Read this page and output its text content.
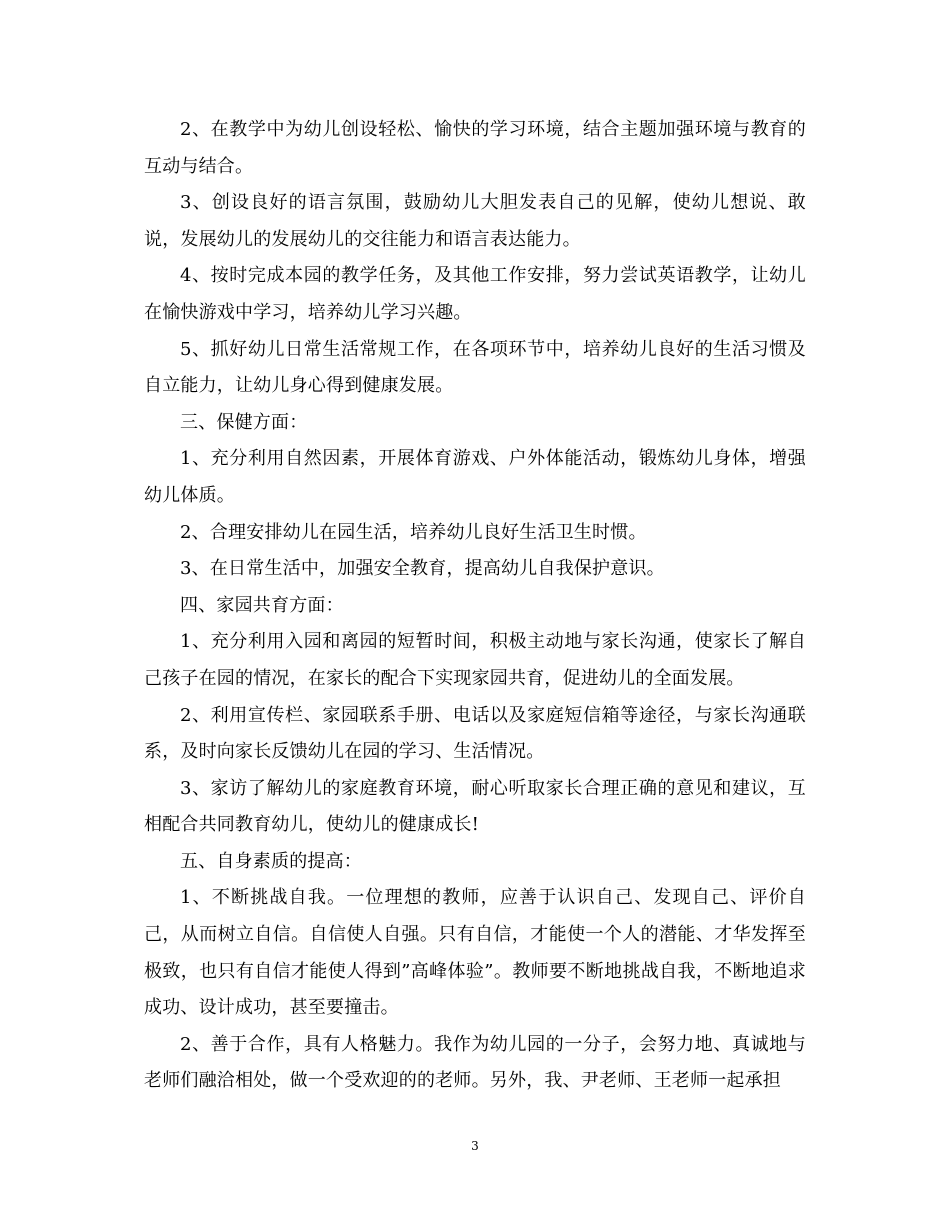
2、在教学中为幼儿创设轻松、愉快的学习环境，结合主题加强环境与教育的互动与结合。

3、创设良好的语言氛围，鼓励幼儿大胆发表自己的见解，使幼儿想说、敢说，发展幼儿的发展幼儿的交往能力和语言表达能力。

4、按时完成本园的教学任务，及其他工作安排，努力尝试英语教学，让幼儿在愉快游戏中学习，培养幼儿学习兴趣。

5、抓好幼儿日常生活常规工作，在各项环节中，培养幼儿良好的生活习惯及自立能力，让幼儿身心得到健康发展。

三、保健方面：

1、充分利用自然因素，开展体育游戏、户外体能活动，锻炼幼儿身体，增强幼儿体质。

2、合理安排幼儿在园生活，培养幼儿良好生活卫生时惯。

3、在日常生活中，加强安全教育，提高幼儿自我保护意识。

四、家园共育方面：

1、充分利用入园和离园的短暂时间，积极主动地与家长沟通，使家长了解自己孩子在园的情况，在家长的配合下实现家园共育，促进幼儿的全面发展。

2、利用宣传栏、家园联系手册、电话以及家庭短信箱等途径，与家长沟通联系，及时向家长反馈幼儿在园的学习、生活情况。

3、家访了解幼儿的家庭教育环境，耐心听取家长合理正确的意见和建议，互相配合共同教育幼儿，使幼儿的健康成长!

五、自身素质的提高：

1、不断挑战自我。一位理想的教师，应善于认识自己、发现自己、评价自己，从而树立自信。自信使人自强。只有自信，才能使一个人的潜能、才华发挥至极致，也只有自信才能使人得到”高峰体验”。教师要不断地挑战自我，不断地追求成功、设计成功，甚至要撞击。

2、善于合作，具有人格魅力。我作为幼儿园的一分子，会努力地、真诚地与老师们融洽相处，做一个受欢迎的的老师。另外，我、尹老师、王老师一起承担

3
